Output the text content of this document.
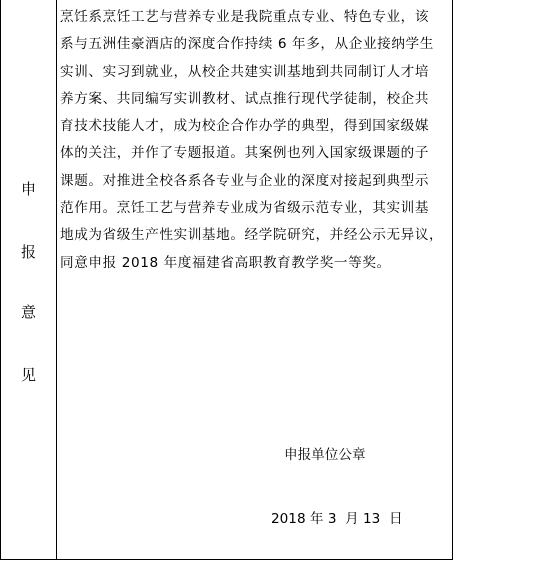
申
报
意
见
烹饪系烹饪工艺与营养专业是我院重点专业、特色专业，该
系与五洲佳豪酒店的深度合作持续 6 年多，从企业接纳学生
实训、实习到就业，从校企共建实训基地到共同制订人才培
养方案、共同编写实训教材、试点推行现代学徒制，校企共
育技术技能人才，成为校企合作办学的典型，得到国家级媒
体的关注，并作了专题报道。其案例也列入国家级课题的子
课题。对推进全校各系各专业与企业的深度对接起到典型示
范作用。烹饪工艺与营养专业成为省级示范专业，其实训基
地成为省级生产性实训基地。经学院研究，并经公示无异议，
同意申报 2018 年度福建省高职教育教学奖一等奖。
申报单位公章
2018 年 3  月 13  日
